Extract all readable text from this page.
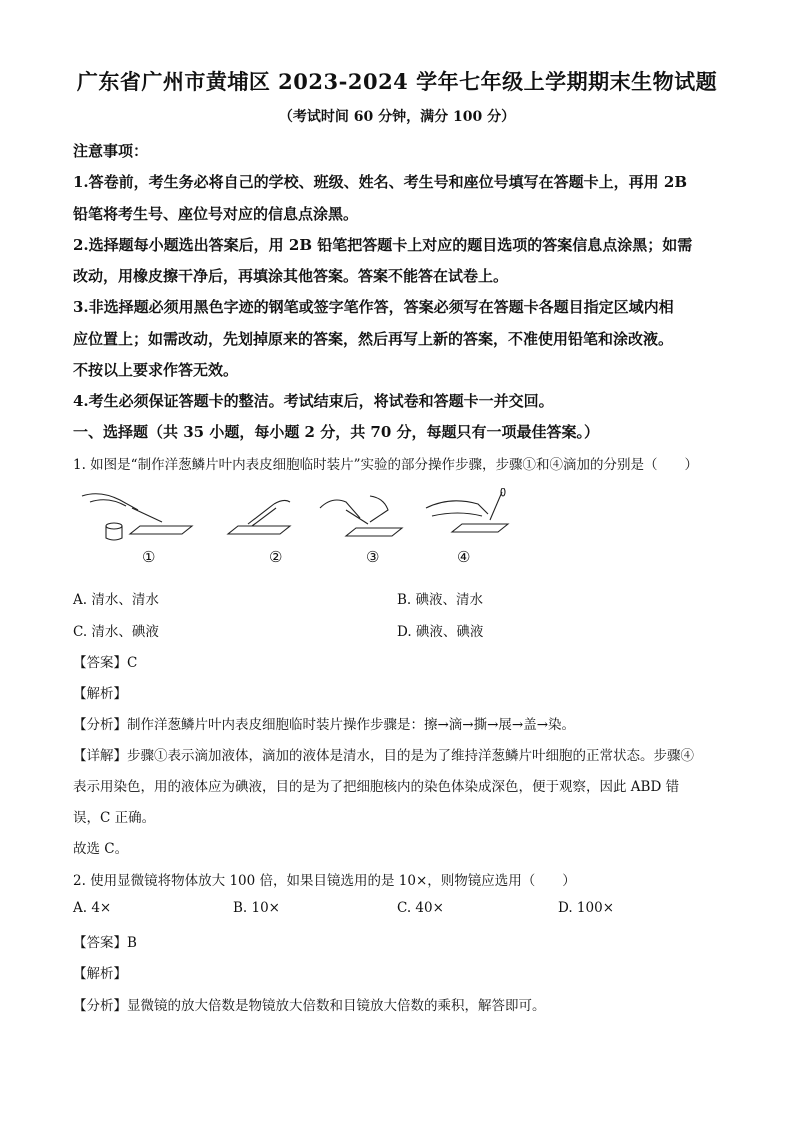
广东省广州市黄埔区 2023-2024 学年七年级上学期期末生物试题
（考试时间 60 分钟，满分 100 分）
注意事项：
1.答卷前，考生务必将自己的学校、班级、姓名、考生号和座位号填写在答题卡上，再用 2B
铅笔将考生号、座位号对应的信息点涂黑。
2.选择题每小题选出答案后，用 2B 铅笔把答题卡上对应的题目选项的答案信息点涂黑；如需
改动，用橡皮擦干净后，再填涂其他答案。答案不能答在试卷上。
3.非选择题必须用黑色字迹的钢笔或签字笔作答，答案必须写在答题卡各题目指定区域内相
应位置上；如需改动，先划掉原来的答案，然后再写上新的答案，不准使用铅笔和涂改液。
不按以上要求作答无效。
4.考生必须保证答题卡的整洁。考试结束后，将试卷和答题卡一并交回。
一、选择题（共 35 小题，每小题 2 分，共 70 分，每题只有一项最佳答案。）
1. 如图是“制作洋葱鳞片叶内表皮细胞临时装片”实验的部分操作步骤，步骤①和④滴加的分别是（　　）
①	②	③	④
A. 清水、清水	B. 碘液、清水
C. 清水、碘液	D. 碘液、碘液
【答案】C
【解析】
【分析】制作洋葱鳞片叶内表皮细胞临时装片操作步骤是：擦→滴→撕→展→盖→染。
【详解】步骤①表示滴加液体，滴加的液体是清水，目的是为了维持洋葱鳞片叶细胞的正常状态。步骤④
表示用染色，用的液体应为碘液，目的是为了把细胞核内的染色体染成深色，便于观察，因此 ABD 错
误，C 正确。
故选 C。
2. 使用显微镜将物体放大 100 倍，如果目镜选用的是 10×，则物镜应选用（　　）
A. 4×	B. 10×	C. 40×	D. 100×
【答案】B
【解析】
【分析】显微镜的放大倍数是物镜放大倍数和目镜放大倍数的乘积，解答即可。
